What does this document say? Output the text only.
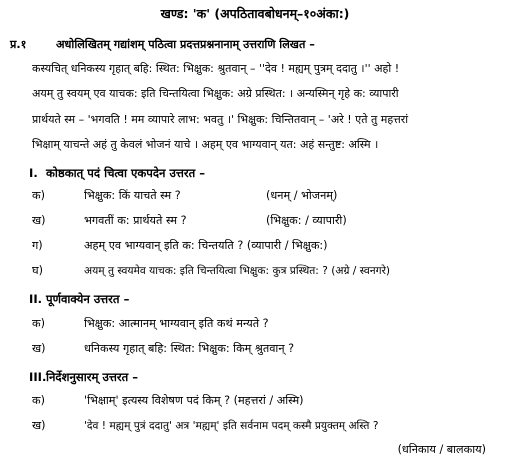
खण्ड: 'क' (अपठितावबोधनम्–१०अंका:)
प्र.१	अधोलिखितम् गद्यांशम् पठित्वा प्रदत्तप्रश्ननानाम् उत्तराणि लिखत –
कस्यचित् धनिकस्य गृहात् बहि: स्थित: भिक्षुक: श्रुतवान् – ''देव ! मह्यम् पुत्रम् ददातु ।'' अहो !
अयम् तु स्वयम् एव याचक: इति चिन्तयित्वा भिक्षुक: अग्रे प्रस्थित: । अन्यस्मिन् गृहे क: व्यापारी
प्रार्थयते स्म – 'भगवति ! मम व्यापारे लाभ: भवतु ।' भिक्षुक: चिन्तितवान् – 'अरे ! एते तु महत्तरां
भिक्षाम् याचन्ते अहं तु केवलं भोजनं याचे । अहम् एव भाग्यवान् यत: अहं सन्तुष्ट: अस्मि ।
I. कोष्ठकात् पदं चित्वा एकपदेन उत्तरत –
क)	भिक्षुक: किं याचते स्म ?	(धनम् / भोजनम्)
ख)	भगवतीं क: प्रार्थयते स्म ?	(भिक्षुक: / व्यापारी)
ग)	अहम् एव भाग्यवान् इति क: चिन्तयति ? (व्यापारी / भिक्षुक:)
घ)	अयम् तु स्वयमेव याचक: इति चिन्तयित्वा भिक्षुक: कुत्र प्रस्थित: ? (अग्रे / स्वनगरे)
II. पूर्णवाक्येन उत्तरत –
क)	भिक्षुक: आत्मानम् भाग्यवान् इति कथं मन्यते ?
ख)	धनिकस्य गृहात् बहि: स्थित: भिक्षुक: किम् श्रुतवान् ?
III. निर्देशनुसारम् उत्तरत –
क)	'भिक्षाम्' इत्यस्य विशेषण पदं किम् ? (महत्तरां / अस्मि)
ख)	'देव ! मह्यम् पुत्रं ददातु' अत्र 'मह्यम्' इति सर्वनाम पदम् कस्मै प्रयुक्तम् अस्ति ?
(धनिकाय / बालकाय)
